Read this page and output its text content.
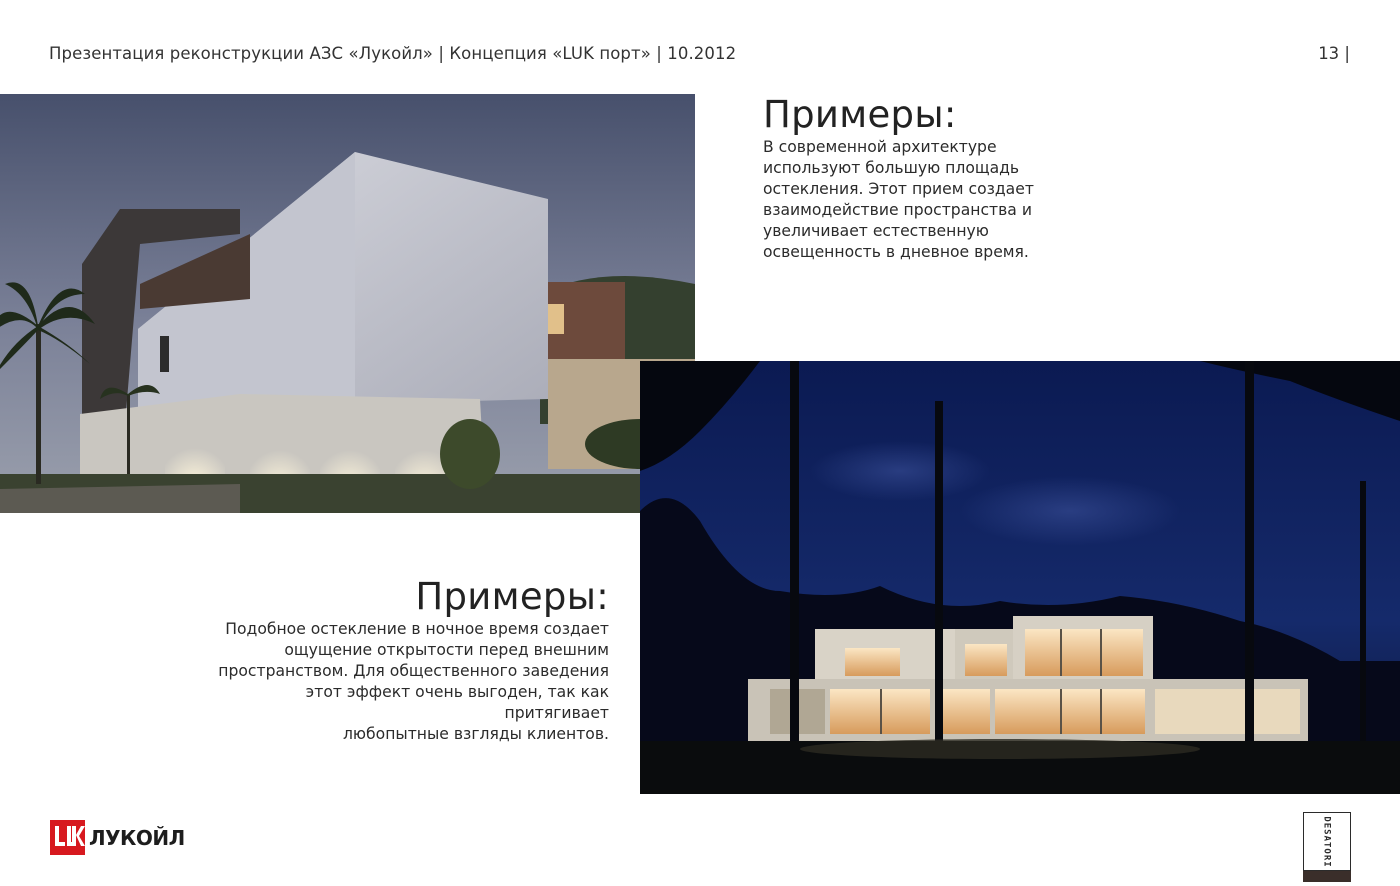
Презентация реконструкции АЗС «Лукойл» | Концепция «LUK порт» | 10.2012	13 |
Примеры:

В современной архитектуре
используют большую площадь
остекления. Этот прием создает
взаимодействие пространства и
увеличивает естественную
освещенность в дневное время.

Примеры:

Подобное остекление в ночное время создает
ощущение открытости перед внешним
пространством. Для общественного заведения
этот эффект очень выгоден, так как притягивает
любопытные взгляды клиентов.

ЛУКОЙЛ	DESATORI
